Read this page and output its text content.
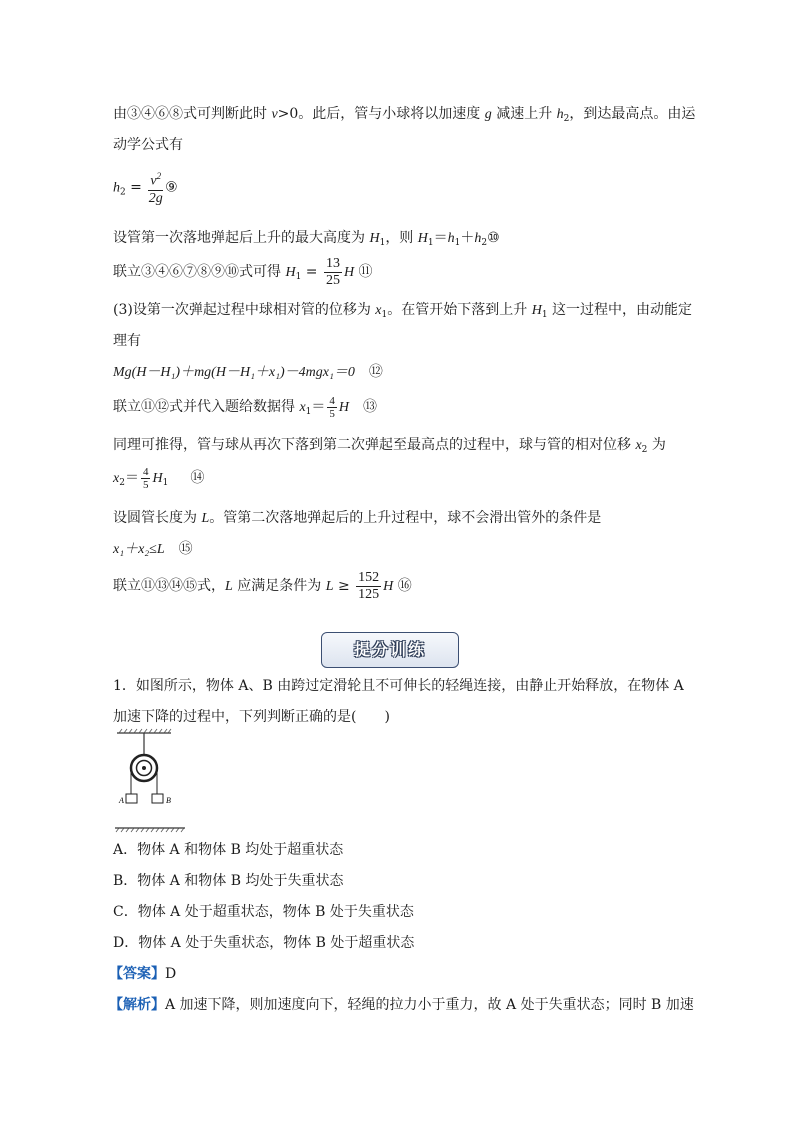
由③④⑥⑧式可判断此时 v>0。此后，管与小球将以加速度 g 减速上升 $h_2$，到达最高点。由运
动学公式有
$h_2 = \frac{v^2}{2g}$ ⑨
设管第一次落地弹起后上升的最大高度为 $H_1$，则 $H_1=h_1+h_2⑩$
联立③④⑥⑦⑧⑨⑩式可得 $H_1 = \frac{13}{25}$ H ⑪
(3)设第一次弹起过程中球相对管的位移为 $x_1$。在管开始下落到上升 $H_1$ 这一过程中，由动能定
理有
Mg(H－H₁)＋mg(H－H₁＋x₁)－4mgx₁＝0 ⑫
联立⑪⑫式并代入题给数据得 $x_1= \frac{4}{5}$ H ⑬
同理可推得，管与球从再次下落到第二次弹起至最高点的过程中，球与管的相对位移 $x_2$ 为
$x_2= \frac{4}{5} H_1$ ⑭
设圆管长度为 L。管第二次落地弹起后的上升过程中，球不会滑出管外的条件是
x₁＋x₂≤L ⑮
联立⑪⑬⑭⑮式，L 应满足条件为 $L \ge \frac{152}{125}$ H ⑯
提分训练
1．如图所示，物体 A、B 由跨过定滑轮且不可伸长的轻绳连接，由静止开始释放，在物体 A
加速下降的过程中，下列判断正确的是(　　)
A	B
A．物体 A 和物体 B 均处于超重状态
B．物体 A 和物体 B 均处于失重状态
C．物体 A 处于超重状态，物体 B 处于失重状态
D．物体 A 处于失重状态，物体 B 处于超重状态
【答案】D
【解析】A 加速下降，则加速度向下，轻绳的拉力小于重力，故 A 处于失重状态；同时 B 加速
